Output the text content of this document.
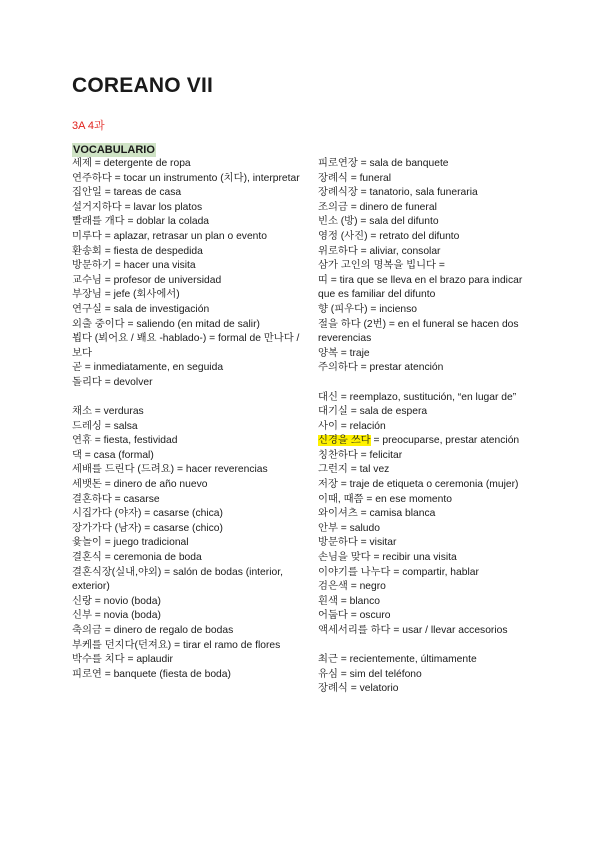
COREANO VII
3A 4과
VOCABULARIO
세제 = detergente de ropa
연주하다 = tocar un instrumento (치다), interpretar
집안일 = tareas de casa
설거지하다 = lavar los platos
빨래를 개다 = doblar la colada
미루다 = aplazar, retrasar un plan o evento
환송회 = fiesta de despedida
방문하기 = hacer una visita
교수님 = profesor de universidad
부장님 = jefe (회사에서)
연구실 = sala de investigación
외출 중이다 = saliendo (en mitad de salir)
뵙다 (뵈어요 / 봬요 -hablado-) = formal de 만나다 / 보다
곧 = inmediatamente, en seguida
돌리다 = devolver
채소 = verduras
드레싱 = salsa
연휴 = fiesta, festividad
댁 = casa (formal)
세배를 드린다 (드려요) = hacer reverencias
세뱃돈 = dinero de año nuevo
결혼하다 = casarse
시집가다 (야자) = casarse (chica)
장가가다 (남자) = casarse (chico)
윷놀이 = juego tradicional
결혼식 = ceremonia de boda
결혼식장(실내,야외) = salón de bodas (interior, exterior)
신랑 = novio (boda)
신부 = novia (boda)
축의금 = dinero de regalo de bodas
부케를 던지다(던져요) = tirar el ramo de flores
박수를 치다 = aplaudir
피로연 = banquete (fiesta de boda)
피로연장 = sala de banquete
장례식 = funeral
장례식장 = tanatorio, sala funeraria
조의금 = dinero de funeral
빈소 (방) = sala del difunto
영정 (사진) = retrato del difunto
위로하다 = aliviar, consolar
삼가 고인의 명복을 빕니다 =
띠 = tira que se lleva en el brazo para indicar que es familiar del difunto
향 (피우다) = incienso
절을 하다 (2번) = en el funeral se hacen dos reverencias
양복 = traje
주의하다 = prestar atención
대신 = reemplazo, sustitución, “en lugar de”
대기실 = sala de espera
사이 = relación
신경을 쓰다 = preocuparse, prestar atención
칭찬하다 = felicitar
그런지 = tal vez
저장 = traje de etiqueta o ceremonia (mujer)
이때, 때쯤 = en ese momento
와이셔츠 = camisa blanca
안부 = saludo
방문하다 = visitar
손님을 맞다 = recibir una visita
이야기를 나누다 = compartir, hablar
검은색 = negro
흰색 = blanco
어둡다 = oscuro
액세서리를 하다 = usar / llevar accesorios
최근 = recientemente, últimamente
유심 = sim del teléfono
장례식 = velatorio
